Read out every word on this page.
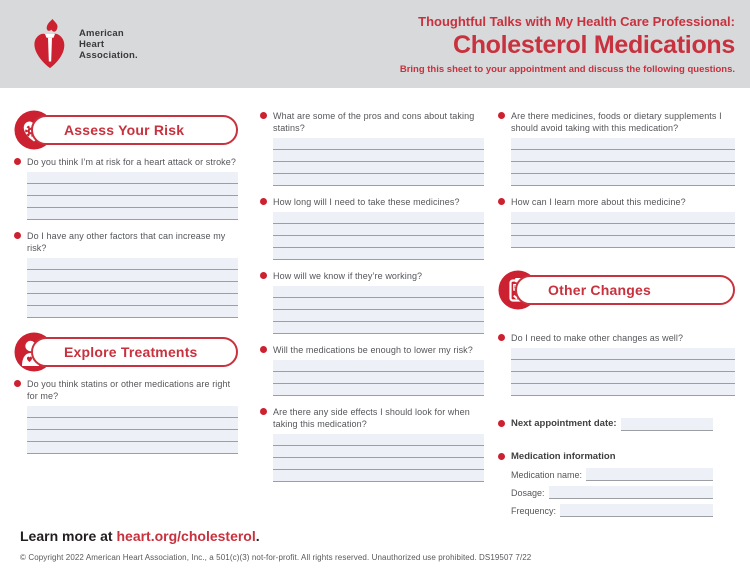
American
Heart
Association.
Thoughtful Talks with My Health Care Professional:
Cholesterol Medications
Bring this sheet to your appointment and discuss the following questions.
Assess Your Risk
Do you think I’m at risk for a heart attack or stroke?
Do I have any other factors that can increase my risk?
Explore Treatments
Do you think statins or other medications are right for me?
What are some of the pros and cons about taking statins?
How long will I need to take these medicines?
How will we know if they’re working?
Will the medications be enough to lower my risk?
Are there any side effects I should look for when taking this medication?
Are there medicines, foods or dietary supplements I should avoid taking with this medication?
How can I learn more about this medicine?
Other Changes
Do I need to make other changes as well?
Next appointment date:
Medication information
Medication name:
Dosage:
Frequency:
Learn more at heart.org/cholesterol.
© Copyright 2022 American Heart Association, Inc., a 501(c)(3) not-for-profit. All rights reserved. Unauthorized use prohibited. DS19507 7/22
